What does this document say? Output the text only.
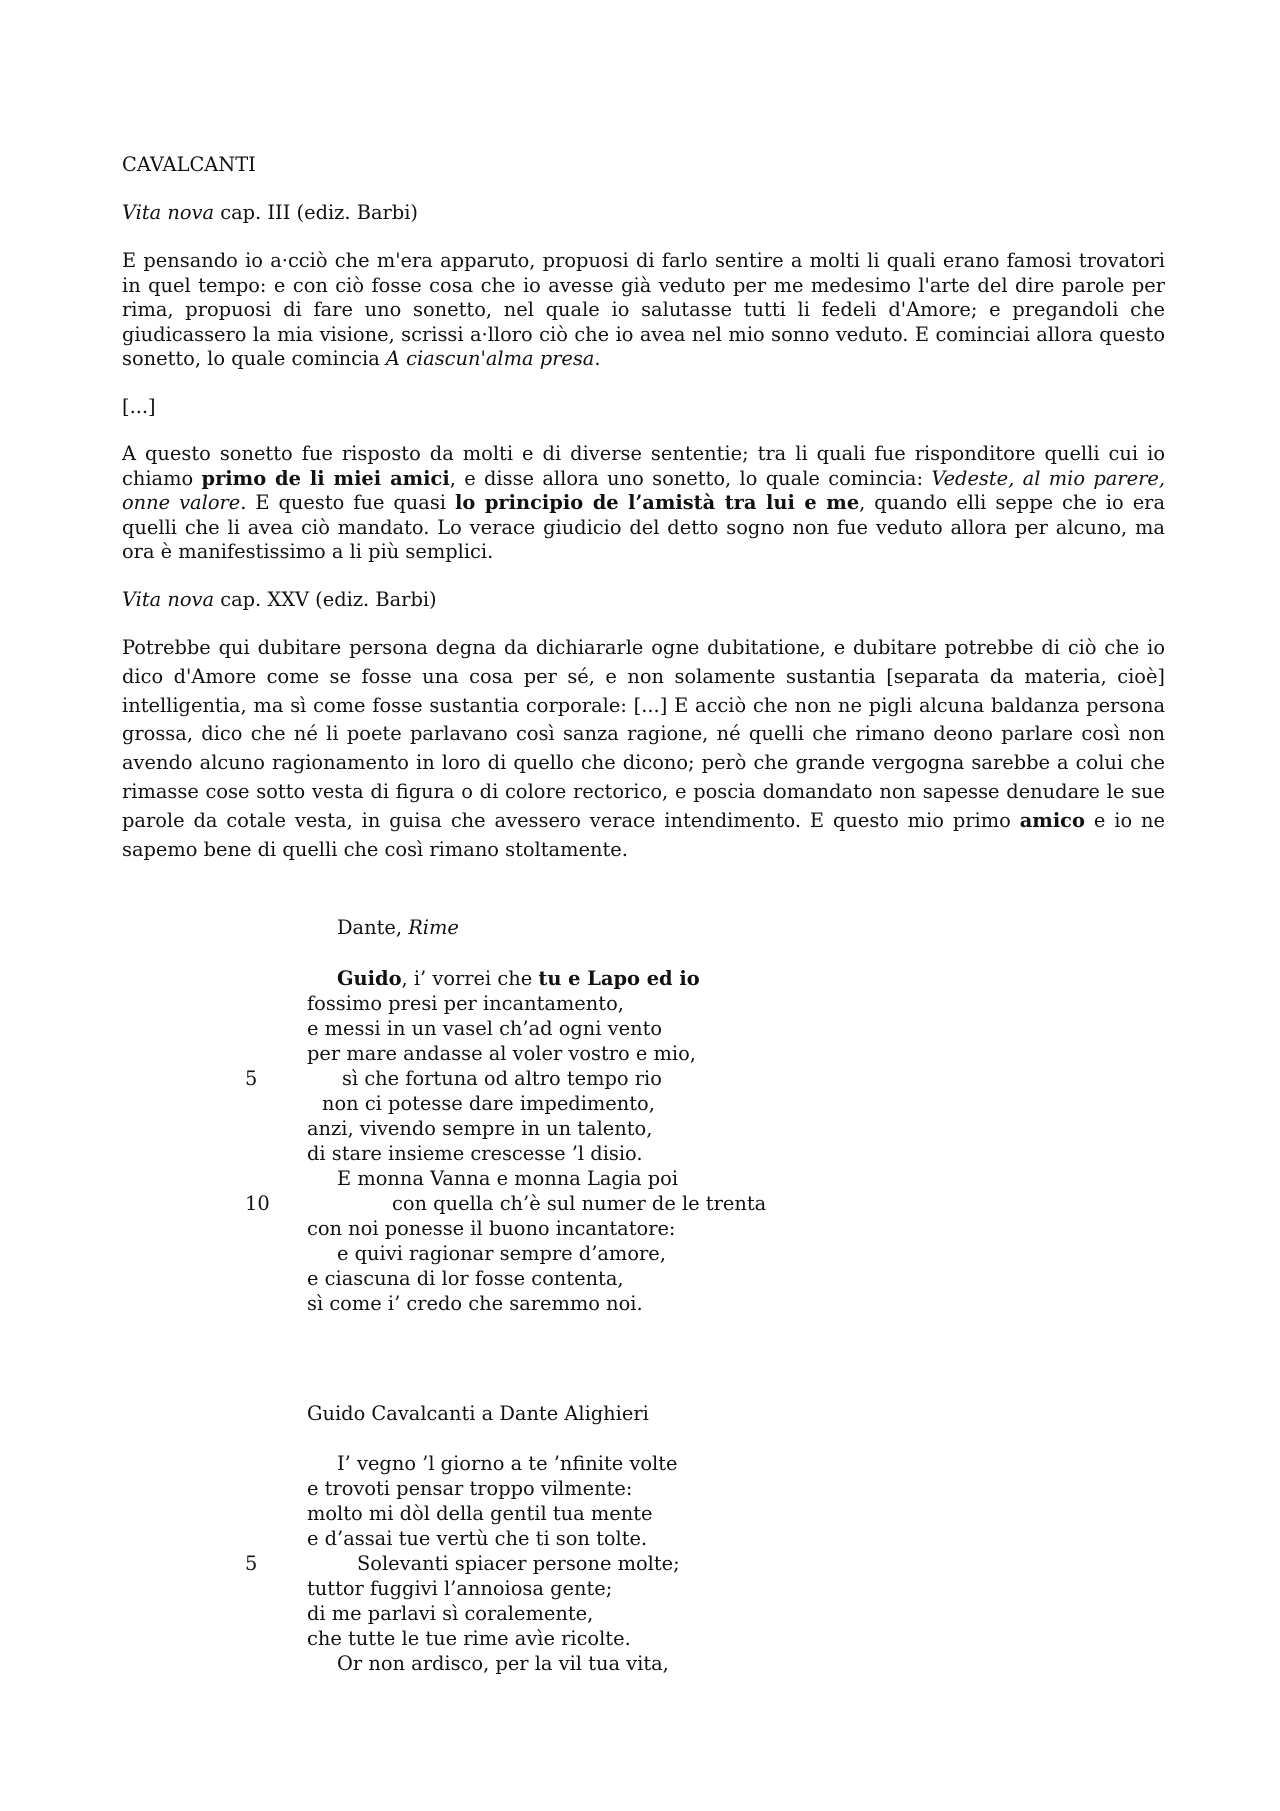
CAVALCANTI

Vita nova cap. III (ediz. Barbi)

E pensando io a·cciò che m'era apparuto, propuosi di farlo sentire a molti li quali erano famosi trovatori in quel tempo: e con ciò fosse cosa che io avesse già veduto per me medesimo l'arte del dire parole per rima, propuosi di fare uno sonetto, nel quale io salutasse tutti li fedeli d'Amore; e pregandoli che giudicassero la mia visione, scrissi a·lloro ciò che io avea nel mio sonno veduto. E cominciai allora questo sonetto, lo quale comincia A ciascun'alma presa.

[...]

A questo sonetto fue risposto da molti e di diverse sententie; tra li quali fue risponditore quelli cui io chiamo primo de li miei amici, e disse allora uno sonetto, lo quale comincia: Vedeste, al mio parere, onne valore. E questo fue quasi lo principio de l’amistà tra lui e me, quando elli seppe che io era quelli che li avea ciò mandato. Lo verace giudicio del detto sogno non fue veduto allora per alcuno, ma ora è manifestissimo a li più semplici.

Vita nova cap. XXV (ediz. Barbi)

Potrebbe qui dubitare persona degna da dichiararle ogne dubitatione, e dubitare potrebbe di ciò che io dico d'Amore come se fosse una cosa per sé, e non solamente sustantia [separata da materia, cioè] intelligentia, ma sì come fosse sustantia corporale: [...] E acciò che non ne pigli alcuna baldanza persona grossa, dico che né li poete parlavano così sanza ragione, né quelli che rimano deono parlare così non avendo alcuno ragionamento in loro di quello che dicono; però che grande vergogna sarebbe a colui che rimasse cose sotto vesta di figura o di colore rectorico, e poscia domandato non sapesse denudare le sue parole da cotale vesta, in guisa che avessero verace intendimento. E questo mio primo amico e io ne sapemo bene di quelli che così rimano stoltamente.

Dante, Rime
Guido, i’ vorrei che tu e Lapo ed io
fossimo presi per incantamento,
e messi in un vasel ch’ad ogni vento
per mare andasse al voler vostro e mio,
5	sì che fortuna od altro tempo rio
non ci potesse dare impedimento,
anzi, vivendo sempre in un talento,
di stare insieme crescesse ’l disio.
E monna Vanna e monna Lagia poi
10	con quella ch’è sul numer de le trenta
con noi ponesse il buono incantatore:
e quivi ragionar sempre d’amore,
e ciascuna di lor fosse contenta,
sì come i’ credo che saremmo noi.
Guido Cavalcanti a Dante Alighieri
I’ vegno ’l giorno a te ’nfinite volte
e trovoti pensar troppo vilmente:
molto mi dòl della gentil tua mente
e d’assai tue vertù che ti son tolte.
5	Solevanti spiacer persone molte;
tuttor fuggivi l’annoiosa gente;
di me parlavi sì coralemente,
che tutte le tue rime avìe ricolte.
Or non ardisco, per la vil tua vita,
